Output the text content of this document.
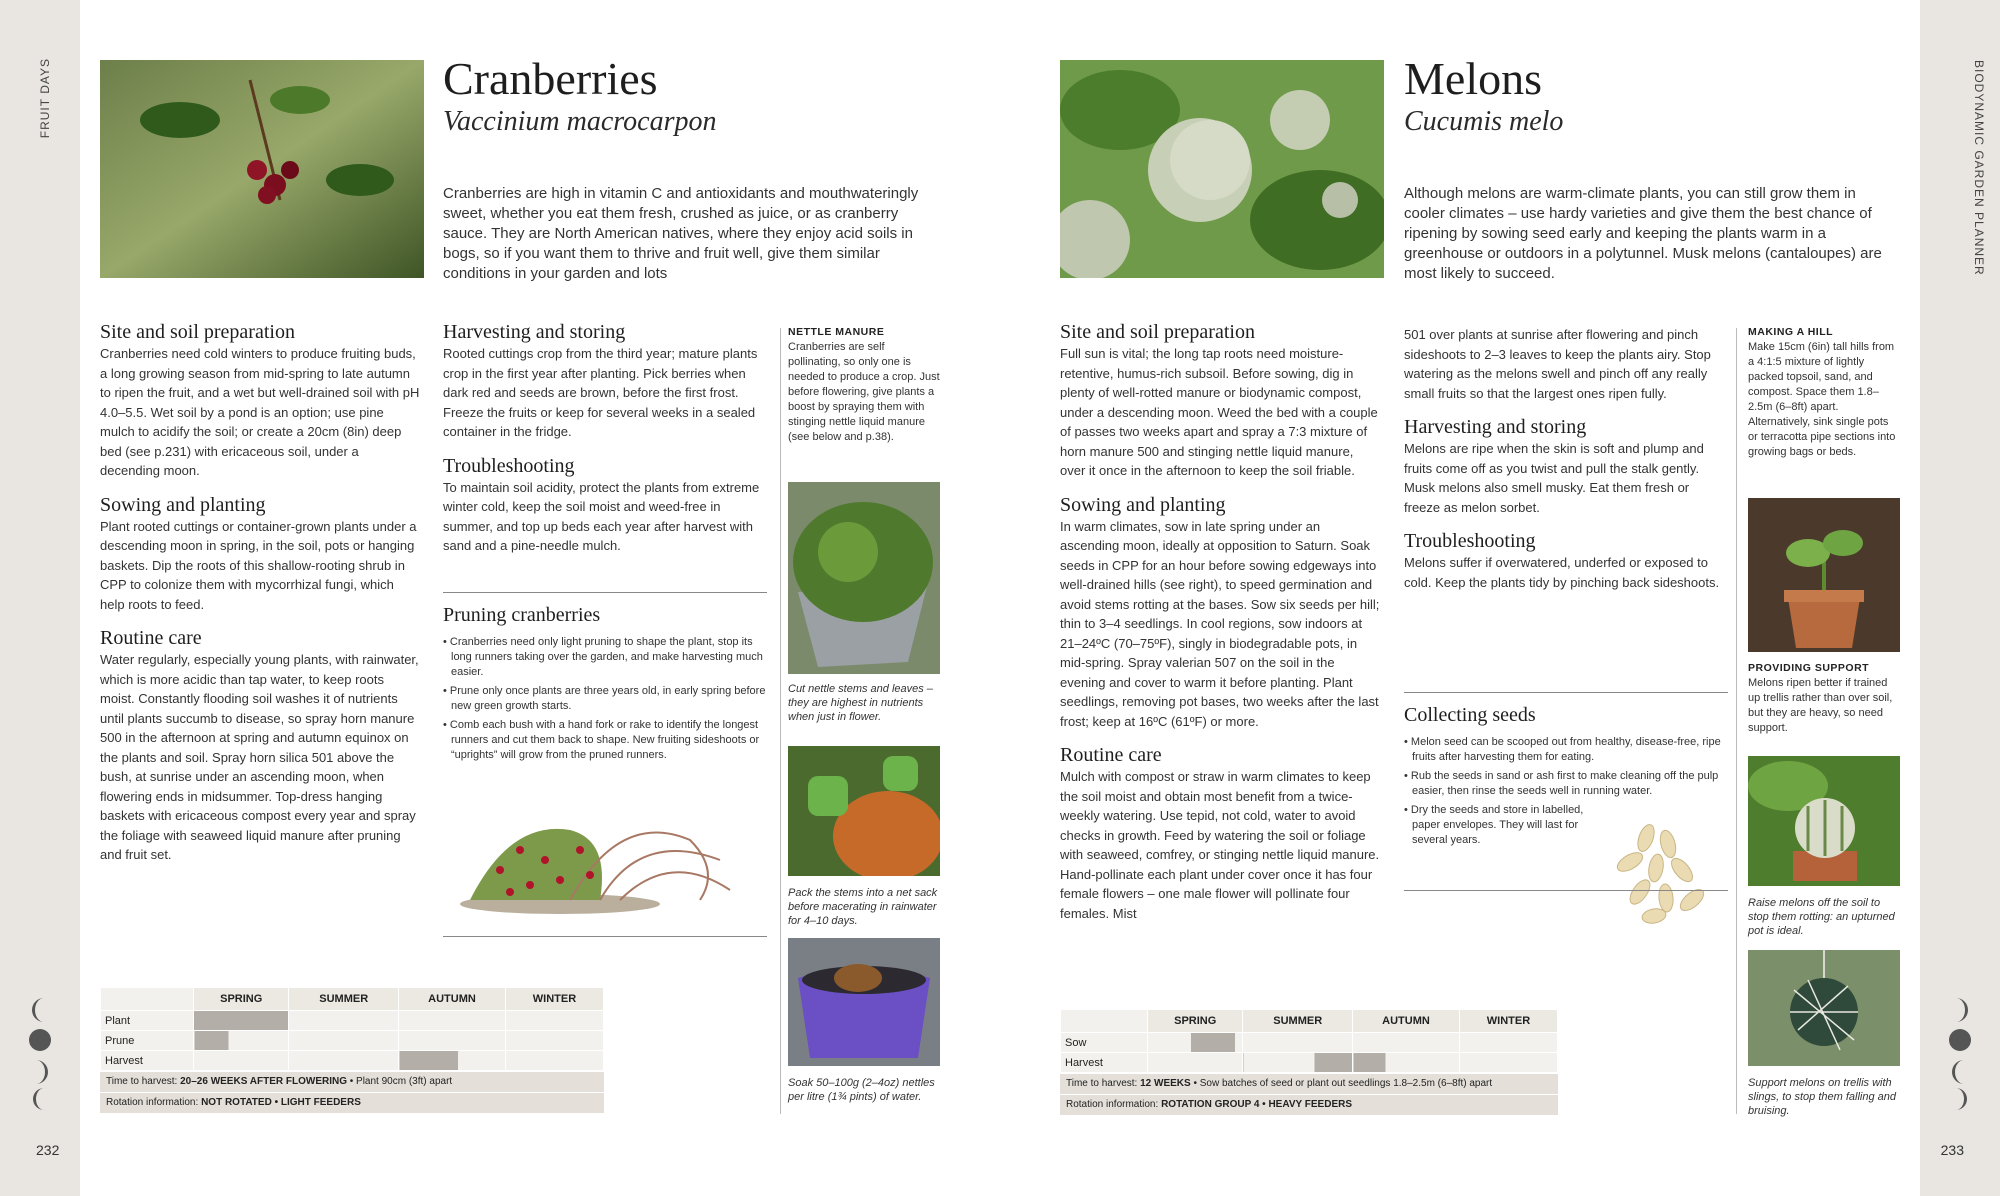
FRUIT DAYS	BIODYNAMIC GARDEN PLANNER
232	233
Cranberries
Vaccinium macrocarpon
Cranberries are high in vitamin C and antioxidants and mouthwateringly sweet, whether you eat them fresh, crushed as juice, or as cranberry sauce. They are North American natives, where they enjoy acid soils in bogs, so if you want them to thrive and fruit well, give them similar conditions in your garden and lots
Site and soil preparation
Cranberries need cold winters to produce fruiting buds, a long growing season from mid-spring to late autumn to ripen the fruit, and a wet but well-drained soil with pH 4.0–5.5. Wet soil by a pond is an option; use pine mulch to acidify the soil; or create a 20cm (8in) deep bed (see p.231) with ericaceous soil, under a decending moon.
Sowing and planting
Plant rooted cuttings or container-grown plants under a descending moon in spring, in the soil, pots or hanging baskets. Dip the roots of this shallow-rooting shrub in CPP to colonize them with mycorrhizal fungi, which help roots to feed.
Routine care
Water regularly, especially young plants, with rainwater, which is more acidic than tap water, to keep roots moist. Constantly flooding soil washes it of nutrients until plants succumb to disease, so spray horn manure 500 in the afternoon at spring and autumn equinox on the plants and soil. Spray horn silica 501 above the bush, at sunrise under an ascending moon, when flowering ends in midsummer. Top-dress hanging baskets with ericaceous compost every year and spray the foliage with seaweed liquid manure after pruning and fruit set.
Harvesting and storing
Rooted cuttings crop from the third year; mature plants crop in the first year after planting. Pick berries when dark red and seeds are brown, before the first frost. Freeze the fruits or keep for several weeks in a sealed container in the fridge.
Troubleshooting
To maintain soil acidity, protect the plants from extreme winter cold, keep the soil moist and weed-free in summer, and top up beds each year after harvest with sand and a pine-needle mulch.
Pruning cranberries
• Cranberries need only light pruning to shape the plant, stop its long runners taking over the garden, and make harvesting much easier.
• Prune only once plants are three years old, in early spring before new green growth starts.
• Comb each bush with a hand fork or rake to identify the longest runners and cut them back to shape. New fruiting sideshoots or “uprights” will grow from the pruned runners.
NETTLE MANURE
Cranberries are self pollinating, so only one is needed to produce a crop. Just before flowering, give plants a boost by spraying them with stinging nettle liquid manure (see below and p.38).
Cut nettle stems and leaves – they are highest in nutrients when just in flower.
Pack the stems into a net sack before macerating in rainwater for 4–10 days.
Soak 50–100g (2–4oz) nettles per litre (1¾ pints) of water.
	SPRING	SUMMER	AUTUMN	WINTER
Plant				
Prune				
Harvest				
Time to harvest: 20–26 WEEKS AFTER FLOWERING • Plant 90cm (3ft) apart
Rotation information: NOT ROTATED • LIGHT FEEDERS
Melons
Cucumis melo
Although melons are warm-climate plants, you can still grow them in cooler climates – use hardy varieties and give them the best chance of ripening by sowing seed early and keeping the plants warm in a greenhouse or outdoors in a polytunnel. Musk melons (cantaloupes) are most likely to succeed.
Site and soil preparation
Full sun is vital; the long tap roots need moisture-retentive, humus-rich subsoil. Before sowing, dig in plenty of well-rotted manure or biodynamic compost, under a descending moon. Weed the bed with a couple of passes two weeks apart and spray a 7:3 mixture of horn manure 500 and stinging nettle liquid manure, over it once in the afternoon to keep the soil friable.
Sowing and planting
In warm climates, sow in late spring under an ascending moon, ideally at opposition to Saturn. Soak seeds in CPP for an hour before sowing edgeways into well-drained hills (see right), to speed germination and avoid stems rotting at the bases. Sow six seeds per hill; thin to 3–4 seedlings. In cool regions, sow indoors at 21–24ºC (70–75ºF), singly in biodegradable pots, in mid-spring. Spray valerian 507 on the soil in the evening and cover to warm it before planting. Plant seedlings, removing pot bases, two weeks after the last frost; keep at 16ºC (61ºF) or more.
Routine care
Mulch with compost or straw in warm climates to keep the soil moist and obtain most benefit from a twice-weekly watering. Use tepid, not cold, water to avoid checks in growth. Feed by watering the soil or foliage with seaweed, comfrey, or stinging nettle liquid manure. Hand-pollinate each plant under cover once it has four female flowers – one male flower will pollinate four females. Mist
501 over plants at sunrise after flowering and pinch sideshoots to 2–3 leaves to keep the plants airy. Stop watering as the melons swell and pinch off any really small fruits so that the largest ones ripen fully.
Harvesting and storing
Melons are ripe when the skin is soft and plump and fruits come off as you twist and pull the stalk gently. Musk melons also smell musky. Eat them fresh or freeze as melon sorbet.
Troubleshooting
Melons suffer if overwatered, underfed or exposed to cold. Keep the plants tidy by pinching back sideshoots.
Collecting seeds
• Melon seed can be scooped out from healthy, disease-free, ripe fruits after harvesting them for eating.
• Rub the seeds in sand or ash first to make cleaning off the pulp easier, then rinse the seeds well in running water.
• Dry the seeds and store in labelled, paper envelopes. They will last for several years.
MAKING A HILL
Make 15cm (6in) tall hills from a 4:1:5 mixture of lightly packed topsoil, sand, and compost. Space them 1.8–2.5m (6–8ft) apart. Alternatively, sink single pots or terracotta pipe sections into growing bags or beds.
PROVIDING SUPPORT
Melons ripen better if trained up trellis rather than over soil, but they are heavy, so need support.
Raise melons off the soil to stop them rotting: an upturned pot is ideal.
Support melons on trellis with slings, to stop them falling and bruising.
	SPRING	SUMMER	AUTUMN	WINTER
Sow				
Harvest				
Time to harvest: 12 WEEKS • Sow batches of seed or plant out seedlings 1.8–2.5m (6–8ft) apart
Rotation information: ROTATION GROUP 4 • HEAVY FEEDERS
